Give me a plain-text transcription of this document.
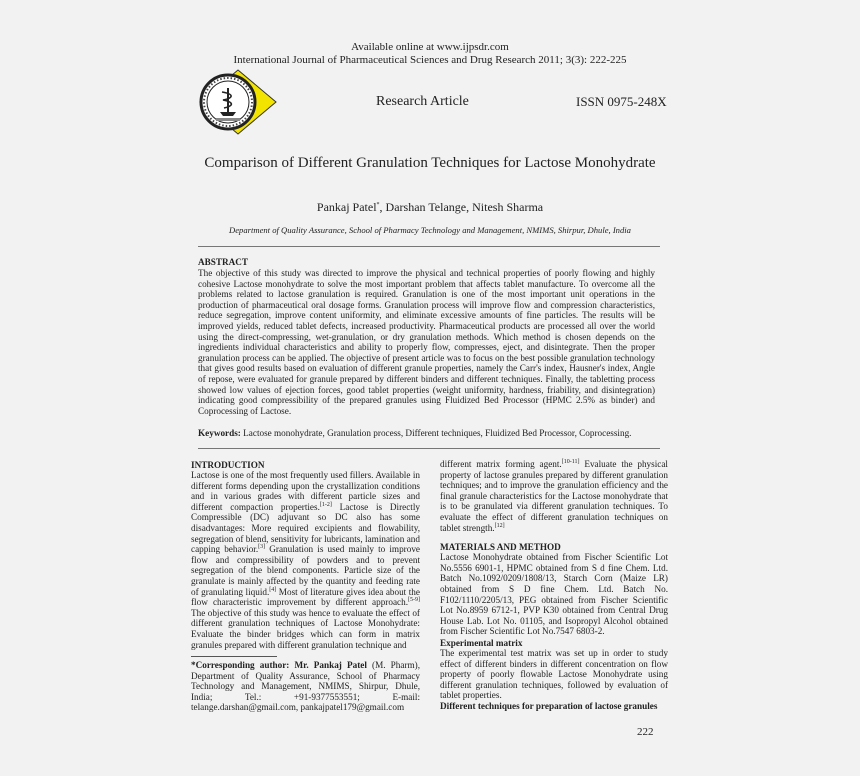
Available online at www.ijpsdr.com
International Journal of Pharmaceutical Sciences and Drug Research 2011; 3(3): 222-225
Research Article	ISSN 0975-248X
Comparison of Different Granulation Techniques for Lactose Monohydrate
Pankaj Patel*, Darshan Telange, Nitesh Sharma
Department of Quality Assurance, School of Pharmacy Technology and Management, NMIMS, Shirpur, Dhule, India
ABSTRACT
The objective of this study was directed to improve the physical and technical properties of poorly flowing and highly cohesive Lactose monohydrate to solve the most important problem that affects tablet manufacture. To overcome all the problems related to lactose granulation is required. Granulation is one of the most important unit operations in the production of pharmaceutical oral dosage forms. Granulation process will improve flow and compression characteristics, reduce segregation, improve content uniformity, and eliminate excessive amounts of fine particles. The results will be improved yields, reduced tablet defects, increased productivity. Pharmaceutical products are processed all over the world using the direct-compressing, wet-granulation, or dry granulation methods. Which method is chosen depends on the ingredients individual characteristics and ability to properly flow, compresses, eject, and disintegrate. Then the proper granulation process can be applied. The objective of present article was to focus on the best possible granulation technology that gives good results based on evaluation of different granule properties, namely the Carr's index, Hausner's index, Angle of repose, were evaluated for granule prepared by different binders and different techniques. Finally, the tabletting process showed low values of ejection forces, good tablet properties (weight uniformity, hardness, friability, and disintegration) indicating good compressibility of the prepared granules using Fluidized Bed Processor (HPMC 2.5% as binder) and Coprocessing of Lactose.
Keywords: Lactose monohydrate, Granulation process, Different techniques, Fluidized Bed Processor, Coprocessing.
INTRODUCTION
Lactose is one of the most frequently used fillers. Available in different forms depending upon the crystallization conditions and in various grades with different particle sizes and different compaction properties.[1-2] Lactose is Directly Compressible (DC) adjuvant so DC also has some disadvantages: More required excipients and flowability, segregation of blend, sensitivity for lubricants, lamination and capping behavior.[3] Granulation is used mainly to improve flow and compressibility of powders and to prevent segregation of the blend components. Particle size of the granulate is mainly affected by the quantity and feeding rate of granulating liquid.[4] Most of literature gives idea about the flow characteristic improvement by different approach.[5-9] The objective of this study was hence to evaluate the effect of different granulation techniques of Lactose Monohydrate: Evaluate the binder bridges which can form in matrix granules prepared with different granulation technique and
*Corresponding author: Mr. Pankaj Patel (M. Pharm), Department of Quality Assurance, School of Pharmacy Technology and Management, NMIMS, Shirpur, Dhule, India; Tel.: +91-9377553551; E-mail: telange.darshan@gmail.com, pankajpatel179@gmail.com
different matrix forming agent.[10-11] Evaluate the physical property of lactose granules prepared by different granulation techniques; and to improve the granulation efficiency and the final granule characteristics for the Lactose monohydrate that is to be granulated via different granulation techniques. To evaluate the effect of different granulation techniques on tablet strength.[12]
MATERIALS AND METHOD
Lactose Monohydrate obtained from Fischer Scientific Lot No.5556 6901-1, HPMC obtained from S d fine Chem. Ltd. Batch No.1092/0209/1808/13, Starch Corn (Maize LR) obtained from S D fine Chem. Ltd. Batch No. F102/1110/2205/13, PEG obtained from Fischer Scientific Lot No.8959 6712-1, PVP K30 obtained from Central Drug House Lab. Lot No. 01105, and Isopropyl Alcohol obtained from Fischer Scientific Lot No.7547 6803-2.
Experimental matrix
The experimental test matrix was set up in order to study effect of different binders in different concentration on flow property of poorly flowable Lactose Monohydrate using different granulation techniques, followed by evaluation of tablet properties.
Different techniques for preparation of lactose granules
222
